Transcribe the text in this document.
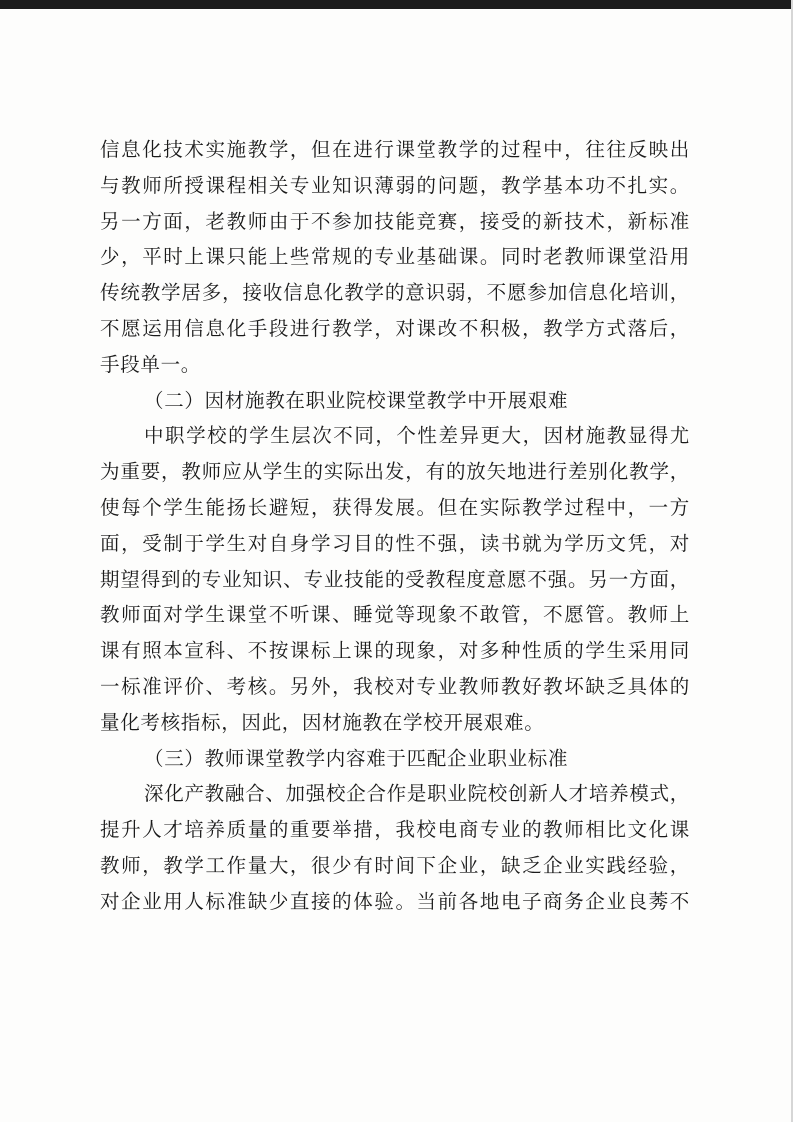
信息化技术实施教学，但在进行课堂教学的过程中，往往反映出
与教师所授课程相关专业知识薄弱的问题，教学基本功不扎实。
另一方面，老教师由于不参加技能竞赛，接受的新技术，新标准
少，平时上课只能上些常规的专业基础课。同时老教师课堂沿用
传统教学居多，接收信息化教学的意识弱，不愿参加信息化培训，
不愿运用信息化手段进行教学，对课改不积极，教学方式落后，
手段单一。
（二）因材施教在职业院校课堂教学中开展艰难
中职学校的学生层次不同，个性差异更大，因材施教显得尤
为重要，教师应从学生的实际出发，有的放矢地进行差别化教学，
使每个学生能扬长避短，获得发展。但在实际教学过程中，一方
面，受制于学生对自身学习目的性不强，读书就为学历文凭，对
期望得到的专业知识、专业技能的受教程度意愿不强。另一方面，
教师面对学生课堂不听课、睡觉等现象不敢管，不愿管。教师上
课有照本宣科、不按课标上课的现象，对多种性质的学生采用同
一标准评价、考核。另外，我校对专业教师教好教坏缺乏具体的
量化考核指标，因此，因材施教在学校开展艰难。
（三）教师课堂教学内容难于匹配企业职业标准
深化产教融合、加强校企合作是职业院校创新人才培养模式，
提升人才培养质量的重要举措，我校电商专业的教师相比文化课
教师，教学工作量大，很少有时间下企业，缺乏企业实践经验，
对企业用人标准缺少直接的体验。当前各地电子商务企业良莠不
